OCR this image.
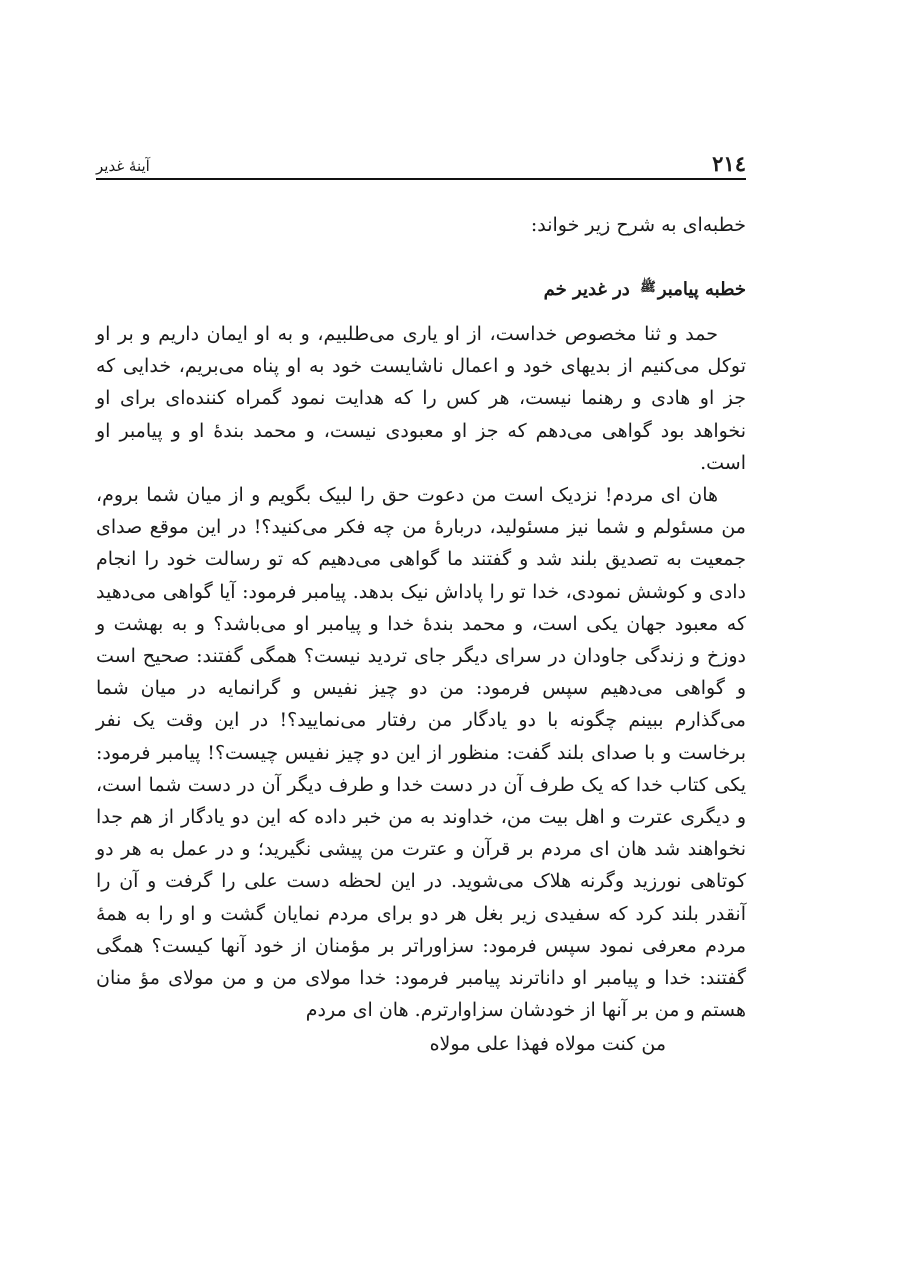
۲۱٤
آینهٔ غدیر
خطبه‌ای به شرح زیر خواند:
خطبه پیامبر$^ﷺ$ در غدیر خم

حمد و ثنا مخصوص خداست، از او یاری می‌طلبیم، و به او ایمان داریم و بر او توکل می‌کنیم از بدیهای خود و اعمال ناشایست خود به او پناه می‌بریم، خدایی که جز او هادی و رهنما نیست، هر کس را که هدایت نمود گمراه کننده‌ای برای او نخواهد بود گواهی می‌دهم که جز او معبودی نیست، و محمد بندهٔ او و پیامبر او است.

هان ای مردم! نزدیک است من دعوت حق را لبیک بگویم و از میان شما بروم، من مسئولم و شما نیز مسئولید، دربارهٔ من چه فکر می‌کنید؟! در این موقع صدای جمعیت به تصدیق بلند شد و گفتند ما گواهی می‌دهیم که تو رسالت خود را انجام دادی و کوشش نمودی، خدا تو را پاداش نیک بدهد. پیامبر فرمود: آیا گواهی می‌دهید که معبود جهان یکی است، و محمد بندهٔ خدا و پیامبر او می‌باشد؟ و به بهشت و دوزخ و زندگی جاودان در سرای دیگر جای تردید نیست؟ همگی گفتند: صحیح است و گواهی می‌دهیم سپس فرمود: من دو چیز نفیس و گرانمایه در میان شما می‌گذارم ببینم چگونه با دو یادگار من رفتار می‌نمایید؟! در این وقت یک نفر برخاست و با صدای بلند گفت: منظور از این دو چیز نفیس چیست؟! پیامبر فرمود: یکی کتاب خدا که یک طرف آن در دست خدا و طرف دیگر آن در دست شما است، و دیگری عترت و اهل بیت من، خداوند به من خبر داده که این دو یادگار از هم جدا نخواهند شد هان ای مردم بر قرآن و عترت من پیشی نگیرید؛ و در عمل به هر دو کوتاهی نورزید وگرنه هلاک می‌شوید. در این لحظه دست علی را گرفت و آن را آنقدر بلند کرد که سفیدی زیر بغل هر دو برای مردم نمایان گشت و او را به همهٔ مردم معرفی نمود سپس فرمود: سزاوراتر بر مؤمنان از خود آنها کیست؟ همگی گفتند: خدا و پیامبر او داناترند پیامبر فرمود: خدا مولای من و من مولای مؤ منان هستم و من بر آنها از خودشان سزاوارترم. هان ای مردم

من کنت مولاه فهذا علی مولاه
